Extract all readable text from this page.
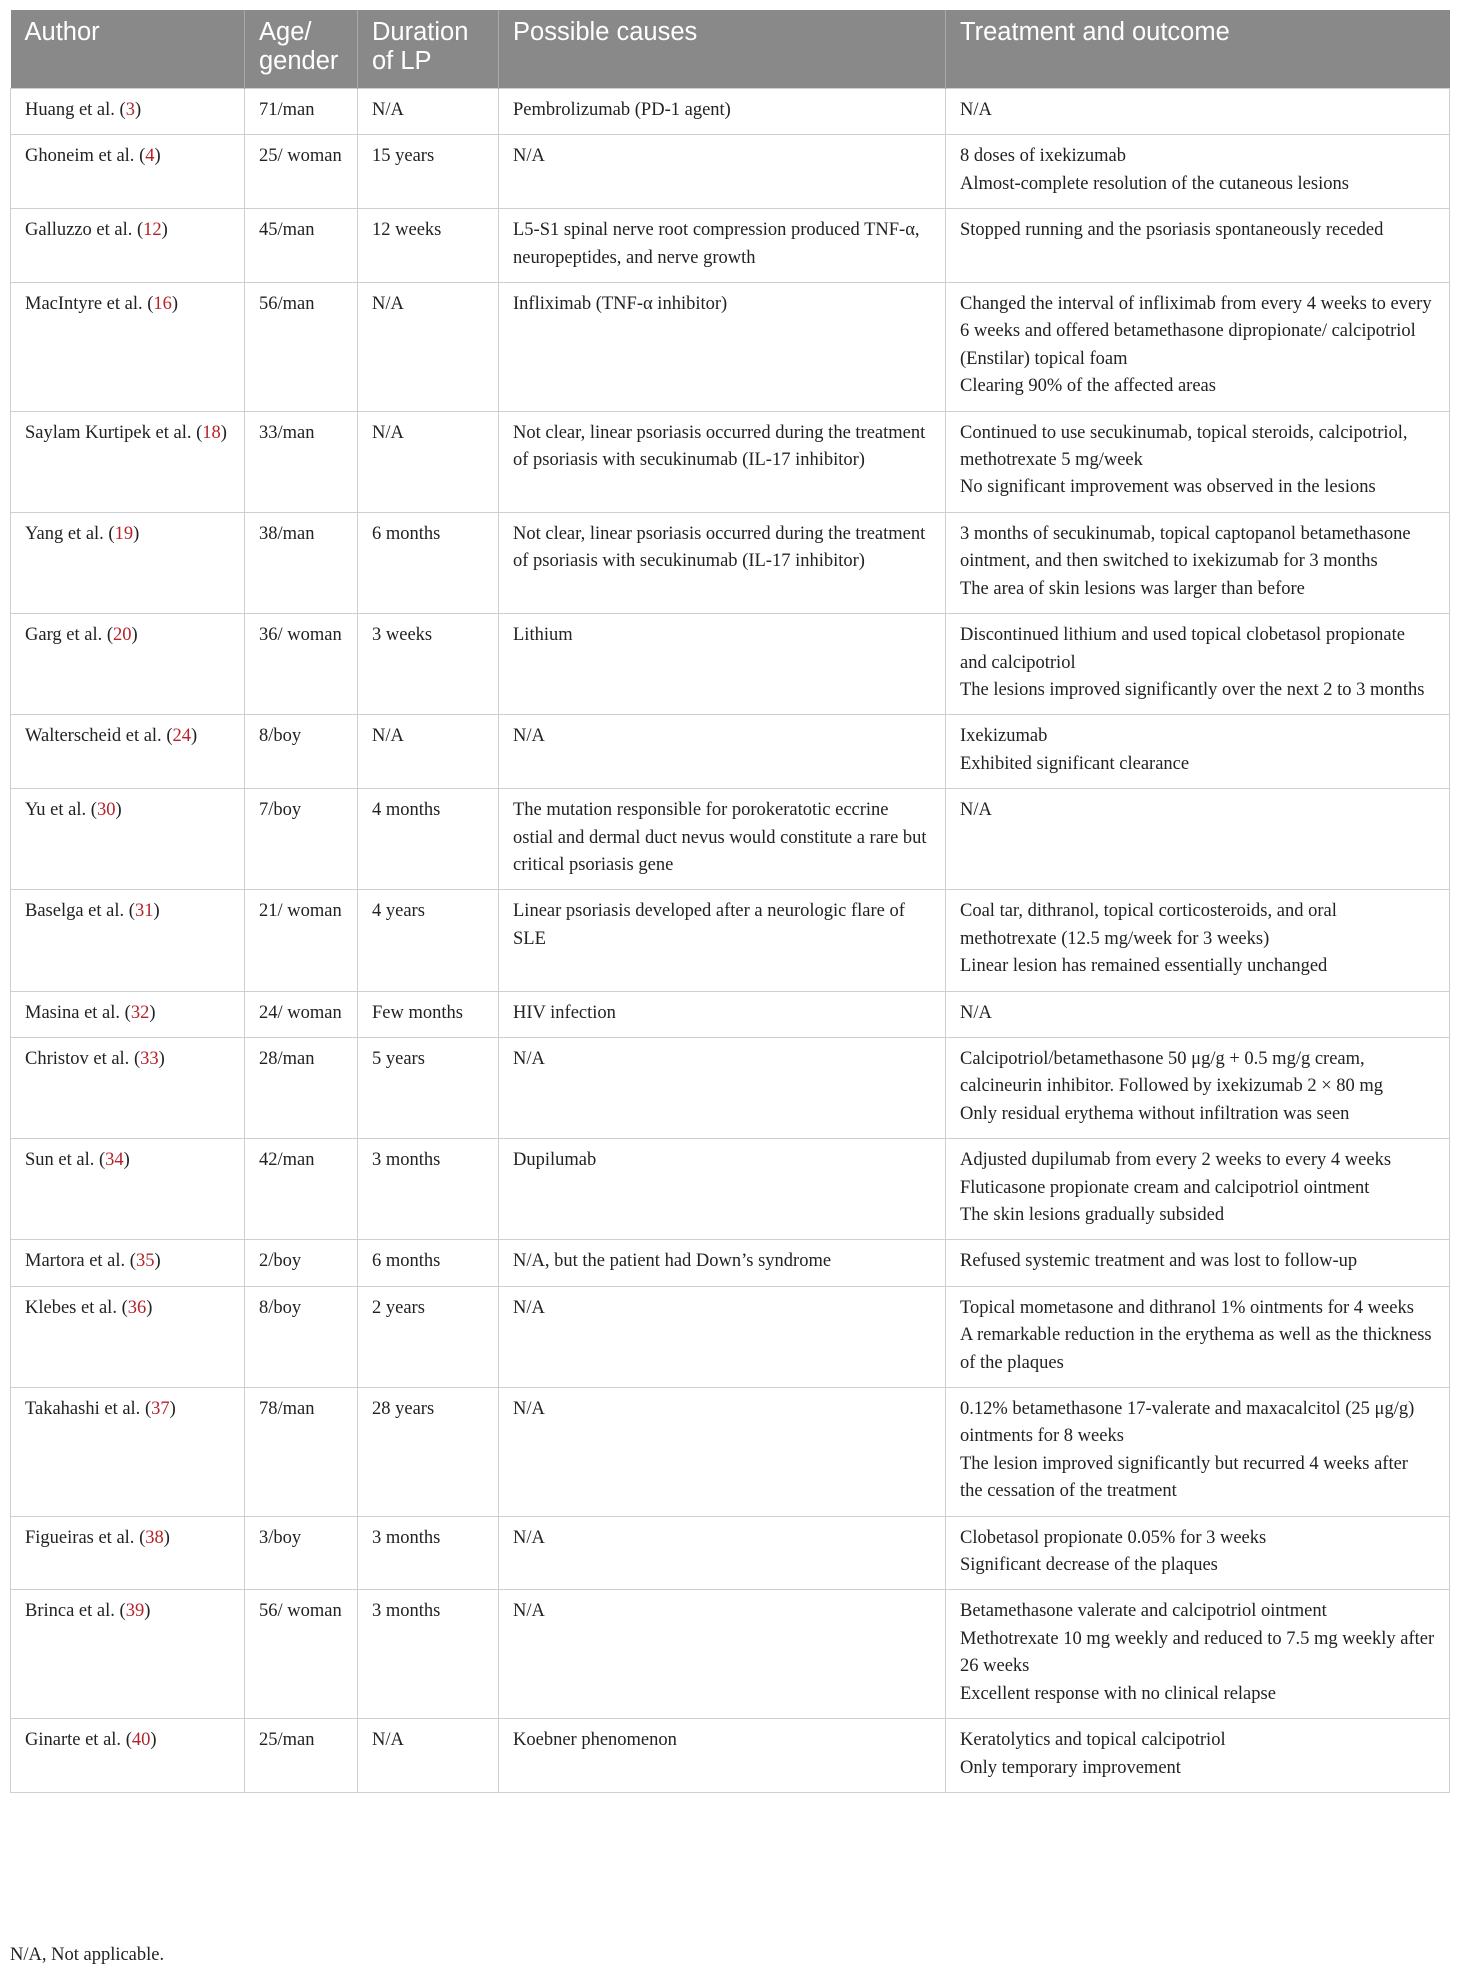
Author	Age/ gender	Duration of LP	Possible causes	Treatment and outcome
Huang et al. (3)	71/man	N/A	Pembrolizumab (PD-1 agent)	N/A

Ghoneim et al. (4)	25/ woman	15 years	N/A	8 doses of ixekizumab
Almost-complete resolution of the cutaneous lesions

Galluzzo et al. (12)	45/man	12 weeks	L5-S1 spinal nerve root compression produced TNF-α, neuropeptides, and nerve growth	Stopped running and the psoriasis spontaneously receded

MacIntyre et al. (16)	56/man	N/A	Infliximab (TNF-α inhibitor)	Changed the interval of infliximab from every 4 weeks to every 6 weeks and offered betamethasone dipropionate/ calcipotriol (Enstilar) topical foam
Clearing 90% of the affected areas

Saylam Kurtipek et al. (18)	33/man	N/A	Not clear, linear psoriasis occurred during the treatment of psoriasis with secukinumab (IL-17 inhibitor)	Continued to use secukinumab, topical steroids, calcipotriol, methotrexate 5 mg/week
No significant improvement was observed in the lesions

Yang et al. (19)	38/man	6 months	Not clear, linear psoriasis occurred during the treatment of psoriasis with secukinumab (IL-17 inhibitor)	3 months of secukinumab, topical captopanol betamethasone ointment, and then switched to ixekizumab for 3 months
The area of skin lesions was larger than before

Garg et al. (20)	36/ woman	3 weeks	Lithium	Discontinued lithium and used topical clobetasol propionate and calcipotriol
The lesions improved significantly over the next 2 to 3 months

Walterscheid et al. (24)	8/boy	N/A	N/A	Ixekizumab
Exhibited significant clearance

Yu et al. (30)	7/boy	4 months	The mutation responsible for porokeratotic eccrine ostial and dermal duct nevus would constitute a rare but critical psoriasis gene	N/A

Baselga et al. (31)	21/ woman	4 years	Linear psoriasis developed after a neurologic flare of SLE	Coal tar, dithranol, topical corticosteroids, and oral methotrexate (12.5 mg/week for 3 weeks)
Linear lesion has remained essentially unchanged

Masina et al. (32)	24/ woman	Few months	HIV infection	N/A

Christov et al. (33)	28/man	5 years	N/A	Calcipotriol/betamethasone 50 μg/g + 0.5 mg/g cream, calcineurin inhibitor. Followed by ixekizumab 2 × 80 mg
Only residual erythema without infiltration was seen

Sun et al. (34)	42/man	3 months	Dupilumab	Adjusted dupilumab from every 2 weeks to every 4 weeks
Fluticasone propionate cream and calcipotriol ointment
The skin lesions gradually subsided

Martora et al. (35)	2/boy	6 months	N/A, but the patient had Down’s syndrome	Refused systemic treatment and was lost to follow-up

Klebes et al. (36)	8/boy	2 years	N/A	Topical mometasone and dithranol 1% ointments for 4 weeks
A remarkable reduction in the erythema as well as the thickness of the plaques

Takahashi et al. (37)	78/man	28 years	N/A	0.12% betamethasone 17-valerate and maxacalcitol (25 μg/g) ointments for 8 weeks
The lesion improved significantly but recurred 4 weeks after the cessation of the treatment

Figueiras et al. (38)	3/boy	3 months	N/A	Clobetasol propionate 0.05% for 3 weeks
Significant decrease of the plaques

Brinca et al. (39)	56/ woman	3 months	N/A	Betamethasone valerate and calcipotriol ointment
Methotrexate 10 mg weekly and reduced to 7.5 mg weekly after 26 weeks
Excellent response with no clinical relapse

Ginarte et al. (40)	25/man	N/A	Koebner phenomenon	Keratolytics and topical calcipotriol
Only temporary improvement
N/A, Not applicable.
